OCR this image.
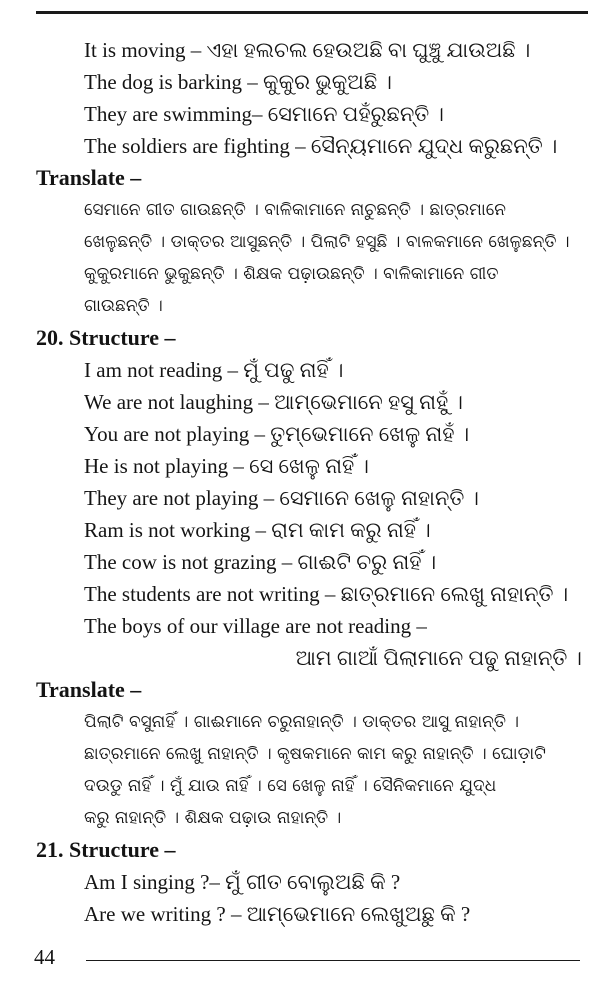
It is moving – ଏହା ହଲଚଲ ହେଉଅଛି ବା ଘୁଞ୍ଚୁ ଯାଉଅଛି ।
The dog is barking – କୁକୁର ଭୁକୁଅଛି ।
They are swimming– ସେମାନେ ପହଁରୁଛନ୍ତି ।
The soldiers are fighting – ସୈନ୍ୟମାନେ ଯୁଦ୍ଧ କରୁଛନ୍ତି ।
Translate –
ସେମାନେ ଗୀତ ଗାଉଛନ୍ତି । ବାଳିକାମାନେ ନାଚୁଛନ୍ତି । ଛାତ୍ରମାନେ
ଖେଳୁଛନ୍ତି । ଡାକ୍ତର ଆସୁଛନ୍ତି । ପିଲାଟି ହସୁଛି । ବାଳକମାନେ ଖେଳୁଛନ୍ତି ।
କୁକୁରମାନେ ଭୁକୁଛନ୍ତି । ଶିକ୍ଷକ ପଢ଼ାଉଛନ୍ତି । ବାଳିକାମାନେ ଗୀତ
ଗାଉଛନ୍ତି ।
20. Structure –
I am not reading – ମୁଁ ପଢୁ ନାହିଁ ।
We are not laughing – ଆମ୍ଭେମାନେ ହସୁ ନାହୁଁ ।
You are not playing – ତୁମ୍ଭେମାନେ ଖେଳୁ ନାହଁ ।
He is not playing – ସେ ଖେଳୁ ନାହିଁ ।
They are not playing – ସେମାନେ ଖେଳୁ ନାହାନ୍ତି ।
Ram is not working – ରାମ କାମ କରୁ ନାହିଁ ।
The cow is not grazing – ଗାଈଟି ଚରୁ ନାହିଁ ।
The students are not writing – ଛାତ୍ରମାନେ ଲେଖୁ ନାହାନ୍ତି ।
The boys of our village are not reading –
ଆମ ଗାଆଁ ପିଲାମାନେ ପଢୁ ନାହାନ୍ତି ।
Translate –
ପିଲାଟି ବସୁନାହିଁ । ଗାଈମାନେ ଚରୁନାହାନ୍ତି । ଡାକ୍ତର ଆସୁ ନାହାନ୍ତି ।
ଛାତ୍ରମାନେ ଲେଖୁ ନାହାନ୍ତି । କୃଷକମାନେ କାମ କରୁ ନାହାନ୍ତି । ଘୋଡ଼ାଟି
ଦଉଡୁ ନାହିଁ । ମୁଁ ଯାଉ ନାହିଁ । ସେ ଖେଳୁ ନାହିଁ । ସୈନିକମାନେ ଯୁଦ୍ଧ
କରୁ ନାହାନ୍ତି । ଶିକ୍ଷକ ପଢ଼ାଉ ନାହାନ୍ତି ।
21. Structure –
Am I singing ?– ମୁଁ ଗୀତ ବୋଲୁଅଛି କି ?
Are we writing ? – ଆମ୍ଭେମାନେ ଲେଖୁଅଛୁ କି ?
44
